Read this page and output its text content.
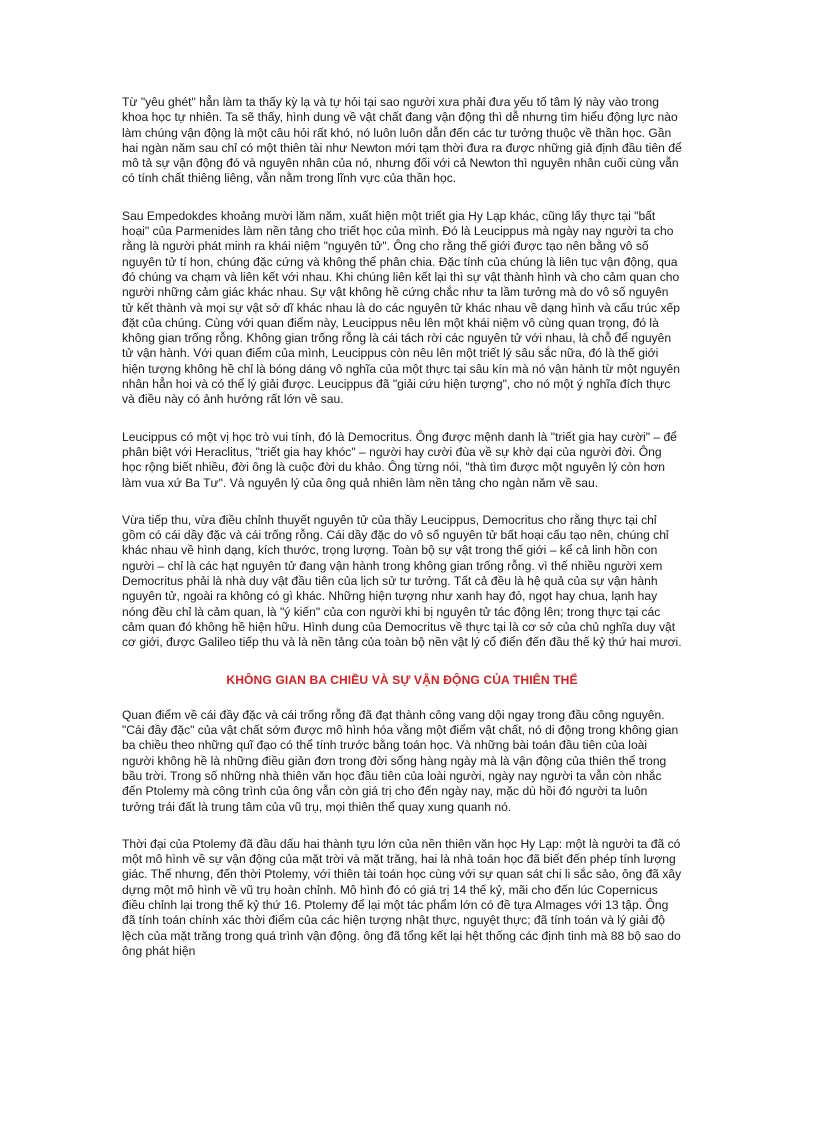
Từ "yêu ghét" hẳn làm ta thấy kỳ lạ và tự hỏi tại sao người xưa phải đưa yếu tố tâm lý này vào trong khoa học tự nhiên. Ta sẽ thấy, hình dung về vật chất đang vận động thì dễ nhưng tìm hiểu động lực nào làm chúng vận động là một câu hỏi rất khó, nó luôn luôn dẫn đến các tư tưởng thuộc về thần học. Gần hai ngàn năm sau chỉ có một thiên tài như Newton mới tạm thời đưa ra được những giả định đầu tiên để mô tả sự vận động đó và nguyên nhân của nó, nhưng đối với cả Newton thì nguyên nhân cuối cùng vẫn có tính chất thiêng liêng, vẫn nằm trong lĩnh vực của thần học.

Sau Empedokdes khoảng mười lăm năm, xuất hiện một triết gia Hy Lạp khác, cũng lấy thực tại "bất hoại" của Parmenides làm nền tảng cho triết học của mình. Đó là Leucippus mà ngày nay người ta cho rằng là người phát minh ra khái niệm "nguyên tử". Ông cho rằng thế giới được tạo nên bằng vô số nguyên tử tí hon, chúng đặc cứng và không thể phân chia. Đặc tính của chúng là liên tục vận động, qua đó chúng va chạm và liên kết với nhau. Khi chúng liên kết lại thì sự vật thành hình và cho cảm quan cho người những cảm giác khác nhau. Sự vật không hề cứng chắc như ta lầm tưởng mà do vô số nguyên tử kết thành và mọi sự vật sở dĩ khác nhau là do các nguyên tử khác nhau về dạng hình và cấu trúc xếp đặt của chúng. Cùng với quan điểm này, Leucippus nêu lên một khái niệm vô cùng quan trọng, đó là không gian trống rỗng. Không gian trống rỗng là cái tách rời các nguyên tử với nhau, là chỗ để nguyên tử vận hành. Với quan điểm của mình, Leucippus còn nêu lên một triết lý sâu sắc nữa, đó là thế giới hiện tượng không hề chỉ là bóng dáng vô nghĩa của một thực tại sâu kín mà nó vận hành từ một nguyên nhân hẳn hoi và có thể lý giải được. Leucippus đã "giải cứu hiện tượng", cho nó một ý nghĩa đích thực và điều này có ảnh hưởng rất lớn về sau.

Leucippus có một vị học trò vui tính, đó là Democritus. Ông được mệnh danh là "triết gia hay cười" – để phân biệt với Heraclitus, "triết gia hay khóc" – người hay cười đùa về sự khờ dại của người đời. Ông học rộng biết nhiều, đời ông là cuộc đời du khảo. Ông từng nói, "thà tìm được một nguyên lý còn hơn làm vua xứ Ba Tư". Và nguyên lý của ông quả nhiên làm nền tảng cho ngàn năm về sau.

Vừa tiếp thu, vừa điều chỉnh thuyết nguyên tử của thầy Leucippus, Democritus cho rằng thực tại chỉ gồm có cái dầy đặc và cái trống rỗng. Cái dầy đặc do vô số nguyên tử bất hoại cấu tạo nên, chúng chỉ khác nhau về hình dạng, kích thước, trọng lượng. Toàn bộ sự vật trong thế giới – kể cả linh hồn con người – chỉ là các hạt nguyên tử đang vận hành trong không gian trống rỗng. vì thế nhiều người xem Democritus phải là nhà duy vật đầu tiên của lịch sử tư tưởng. Tất cả đều là hệ quả của sự vận hành nguyên tử, ngoài ra không có gì khác. Những hiện tượng như xanh hay đỏ, ngọt hay chua, lạnh hay nóng đều chỉ là cảm quan, là "ý kiến" của con người khi bị nguyên tử tác động lên; trong thực tại các cảm quan đó không hề hiện hữu. Hình dung của Democritus về thực tại là cơ sở của chủ nghĩa duy vật cơ giới, được Galileo tiếp thu và là nền tảng của toàn bộ nền vật lý cổ điển đến đầu thế kỷ thứ hai mươi.

KHÔNG GIAN BA CHIỀU VÀ SỰ VẬN ĐỘNG CỦA THIÊN THỂ

Quan điểm về cái đầy đặc và cái trống rỗng đã đạt thành công vang dội ngay trong đầu công nguyên. "Cái đầy đặc" của vật chất sớm được mô hình hóa vằng một điểm vật chất, nó di động trong không gian ba chiều theo những quĩ đạo có thể tính trước bằng toán học. Và những bài toán đầu tiên của loài người không hề là những điều giản đơn trong đời sống hàng ngày mà là vận động của thiên thể trong bầu trời. Trong số những nhà thiên văn học đầu tiên của loài người, ngày nay người ta vẫn còn nhắc đến Ptolemy mà công trình của ông vẫn còn giá trị cho đến ngày nay, mặc dù hồi đó người ta luôn tưởng trái đất là trung tâm của vũ trụ, mọi thiên thể quay xung quanh nó.

Thời đại của Ptolemy đã đầu dấu hai thành tựu lớn của nền thiên văn học Hy Lạp: một là người ta đã có một mô hình về sự vận động của mặt trời và mặt trăng, hai là nhà toán học đã biết đến phép tính lượng giác. Thế nhưng, đến thời Ptolemy, với thiên tài toán học cùng với sự quan sát chi li sắc sảo, ông đã xây dựng một mô hình về vũ trụ hoàn chỉnh. Mô hình đó có giá trị 14 thế kỷ, mãi cho đến lúc Copernicus điều chỉnh lại trong thế kỷ thứ 16. Ptolemy để lại một tác phẩm lớn có đề tựa Almages với 13 tập. Ông đã tính toán chính xác thời điểm của các hiện tượng nhật thực, nguyệt thực; đã tính toán và lý giải độ lệch của mặt trăng trong quá trình vận động. ông đã tổng kết lại hệt thống các định tinh mà 88 bộ sao do ông phát hiện
